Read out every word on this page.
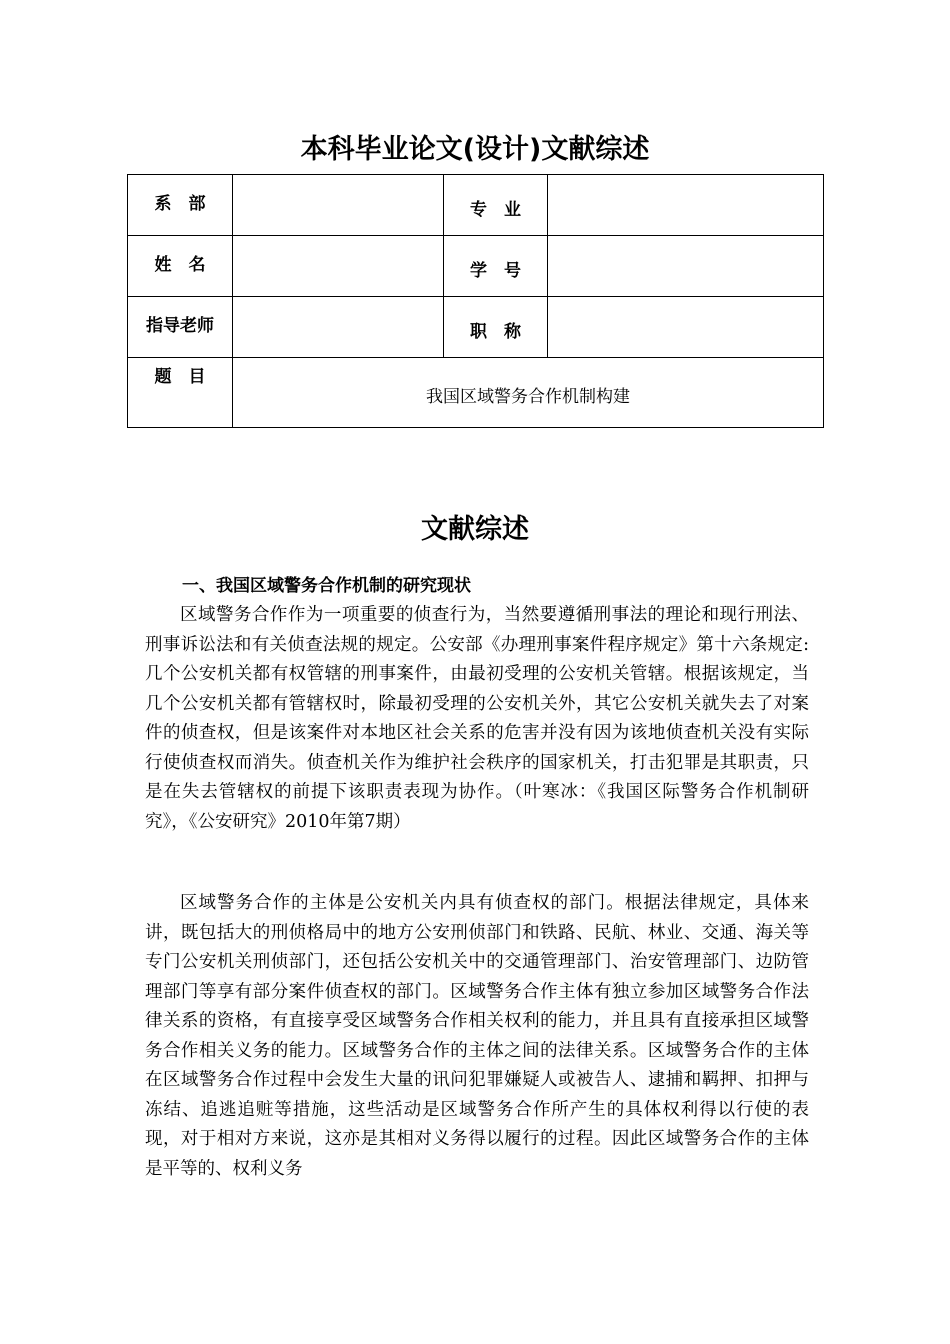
本科毕业论文(设计)文献综述
系　部		专　业	

姓　名		学　号	

指导老师		职　称	

题　目	我国区域警务合作机制构建		
文献综述
一、我国区域警务合作机制的研究现状

区域警务合作作为一项重要的侦查行为，当然要遵循刑事法的理论和现行刑法、刑事诉讼法和有关侦查法规的规定。公安部《办理刑事案件程序规定》第十六条规定:几个公安机关都有权管辖的刑事案件，由最初受理的公安机关管辖。根据该规定，当几个公安机关都有管辖权时，除最初受理的公安机关外，其它公安机关就失去了对案件的侦查权，但是该案件对本地区社会关系的危害并没有因为该地侦查机关没有实际行使侦查权而消失。侦查机关作为维护社会秩序的国家机关，打击犯罪是其职责，只是在失去管辖权的前提下该职责表现为协作。（叶寒冰：《我国区际警务合作机制研究》，《公安研究》2010年第7期）

区域警务合作的主体是公安机关内具有侦查权的部门。根据法律规定，具体来讲，既包括大的刑侦格局中的地方公安刑侦部门和铁路、民航、林业、交通、海关等专门公安机关刑侦部门，还包括公安机关中的交通管理部门、治安管理部门、边防管理部门等享有部分案件侦查权的部门。区域警务合作主体有独立参加区域警务合作法律关系的资格，有直接享受区域警务合作相关权利的能力，并且具有直接承担区域警务合作相关义务的能力。区域警务合作的主体之间的法律关系。区域警务合作的主体在区域警务合作过程中会发生大量的讯问犯罪嫌疑人或被告人、逮捕和羁押、扣押与冻结、追逃追赃等措施，这些活动是区域警务合作所产生的具体权利得以行使的表现，对于相对方来说，这亦是其相对义务得以履行的过程。因此区域警务合作的主体是平等的、权利义务
